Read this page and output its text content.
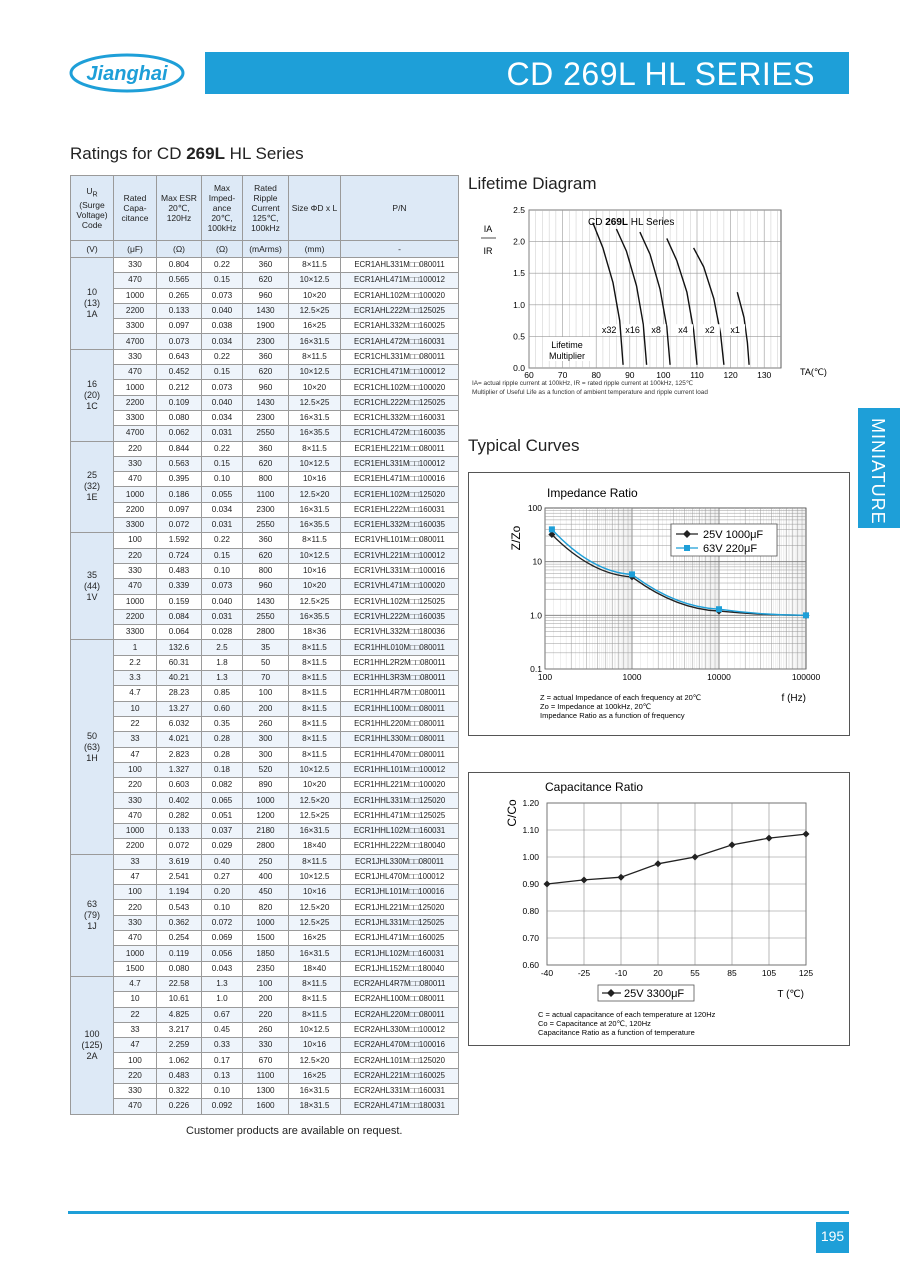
Jianghai	CD 269L HL SERIES
MINIATURE
Ratings for CD 269L HL Series
$U_R$
(Surge Voltage) Code	Rated Capa- citance	Max ESR 20℃, 120Hz	Max Imped- ance 20℃, 100kHz	Rated Ripple Current 125℃, 100kHz	Size ΦD x L	P/N
(V)	(μF)	(Ω)	(Ω)	(mArms)	(mm)	-
10
(13)
1A	330	0.804	0.22	360	8×11.5	ECR1AHL331M□□080011
	470	0.565	0.15	620	10×12.5	ECR1AHL471M□□100012
	1000	0.265	0.073	960	10×20	ECR1AHL102M□□100020
	2200	0.133	0.040	1430	12.5×25	ECR1AHL222M□□125025
	3300	0.097	0.038	1900	16×25	ECR1AHL332M□□160025
	4700	0.073	0.034	2300	16×31.5	ECR1AHL472M□□160031
16
(20)
1C	330	0.643	0.22	360	8×11.5	ECR1CHL331M□□080011
	470	0.452	0.15	620	10×12.5	ECR1CHL471M□□100012
	1000	0.212	0.073	960	10×20	ECR1CHL102M□□100020
	2200	0.109	0.040	1430	12.5×25	ECR1CHL222M□□125025
	3300	0.080	0.034	2300	16×31.5	ECR1CHL332M□□160031
	4700	0.062	0.031	2550	16×35.5	ECR1CHL472M□□160035
25
(32)
1E	220	0.844	0.22	360	8×11.5	ECR1EHL221M□□080011
	330	0.563	0.15	620	10×12.5	ECR1EHL331M□□100012
	470	0.395	0.10	800	10×16	ECR1EHL471M□□100016
	1000	0.186	0.055	1100	12.5×20	ECR1EHL102M□□125020
	2200	0.097	0.034	2300	16×31.5	ECR1EHL222M□□160031
	3300	0.072	0.031	2550	16×35.5	ECR1EHL332M□□160035
35
(44)
1V	100	1.592	0.22	360	8×11.5	ECR1VHL101M□□080011
	220	0.724	0.15	620	10×12.5	ECR1VHL221M□□100012
	330	0.483	0.10	800	10×16	ECR1VHL331M□□100016
	470	0.339	0.073	960	10×20	ECR1VHL471M□□100020
	1000	0.159	0.040	1430	12.5×25	ECR1VHL102M□□125025
	2200	0.084	0.031	2550	16×35.5	ECR1VHL222M□□160035
	3300	0.064	0.028	2800	18×36	ECR1VHL332M□□180036
50
(63)
1H	1	132.6	2.5	35	8×11.5	ECR1HHL010M□□080011
	2.2	60.31	1.8	50	8×11.5	ECR1HHL2R2M□□080011
	3.3	40.21	1.3	70	8×11.5	ECR1HHL3R3M□□080011
	4.7	28.23	0.85	100	8×11.5	ECR1HHL4R7M□□080011
	10	13.27	0.60	200	8×11.5	ECR1HHL100M□□080011
	22	6.032	0.35	260	8×11.5	ECR1HHL220M□□080011
	33	4.021	0.28	300	8×11.5	ECR1HHL330M□□080011
	47	2.823	0.28	300	8×11.5	ECR1HHL470M□□080011
	100	1.327	0.18	520	10×12.5	ECR1HHL101M□□100012
	220	0.603	0.082	890	10×20	ECR1HHL221M□□100020
	330	0.402	0.065	1000	12.5×20	ECR1HHL331M□□125020
	470	0.282	0.051	1200	12.5×25	ECR1HHL471M□□125025
	1000	0.133	0.037	2180	16×31.5	ECR1HHL102M□□160031
	2200	0.072	0.029	2800	18×40	ECR1HHL222M□□180040
63
(79)
1J	33	3.619	0.40	250	8×11.5	ECR1JHL330M□□080011
	47	2.541	0.27	400	10×12.5	ECR1JHL470M□□100012
	100	1.194	0.20	450	10×16	ECR1JHL101M□□100016
	220	0.543	0.10	820	12.5×20	ECR1JHL221M□□125020
	330	0.362	0.072	1000	12.5×25	ECR1JHL331M□□125025
	470	0.254	0.069	1500	16×25	ECR1JHL471M□□160025
	1000	0.119	0.056	1850	16×31.5	ECR1JHL102M□□160031
	1500	0.080	0.043	2350	18×40	ECR1JHL152M□□180040
100
(125)
2A	4.7	22.58	1.3	100	8×11.5	ECR2AHL4R7M□□080011
	10	10.61	1.0	200	8×11.5	ECR2AHL100M□□080011
	22	4.825	0.67	220	8×11.5	ECR2AHL220M□□080011
	33	3.217	0.45	260	10×12.5	ECR2AHL330M□□100012
	47	2.259	0.33	330	10×16	ECR2AHL470M□□100016
	100	1.062	0.17	670	12.5×20	ECR2AHL101M□□125020
	220	0.483	0.13	1100	16×25	ECR2AHL221M□□160025
	330	0.322	0.10	1300	16×31.5	ECR2AHL331M□□160031
	470	0.226	0.092	1600	18×31.5	ECR2AHL471M□□180031
Customer products are available on request.
Lifetime Diagram
IA
IR
60	70	80	90	100 110 120 130
0.0
0.5
1.0
1.5
2.0
2.5
x32 x16 x8 x4 x2 x1
CD 269L HL Series
Lifetime
Multiplier
TA(℃)
IA= actual ripple current at 100kHz, IR = rated ripple current at 100kHz, 125℃
Multiplier of Useful Life as a function of ambient temperature and ripple current load
Typical Curves
Impedance Ratio
Z/Zo
100	1000	10000	100000
0.1
1.0
10
100
25V 1000μF
63V 220μF
f (Hz)
Z = actual Impedance of each frequency at 20℃
Zo = Impedance at 100kHz, 20℃
Impedance Ratio as a function of frequency
Capacitance Ratio
C/Co
-40	-25	-10	20	55	85	105	125
0.60
0.70
0.80
0.90
1.00
1.10
1.20
25V 3300μF	T (℃)
C = actual capacitance of each temperature at 120Hz
Co = Capacitance at 20℃, 120Hz
Capacitance Ratio as a function of temperature
195
